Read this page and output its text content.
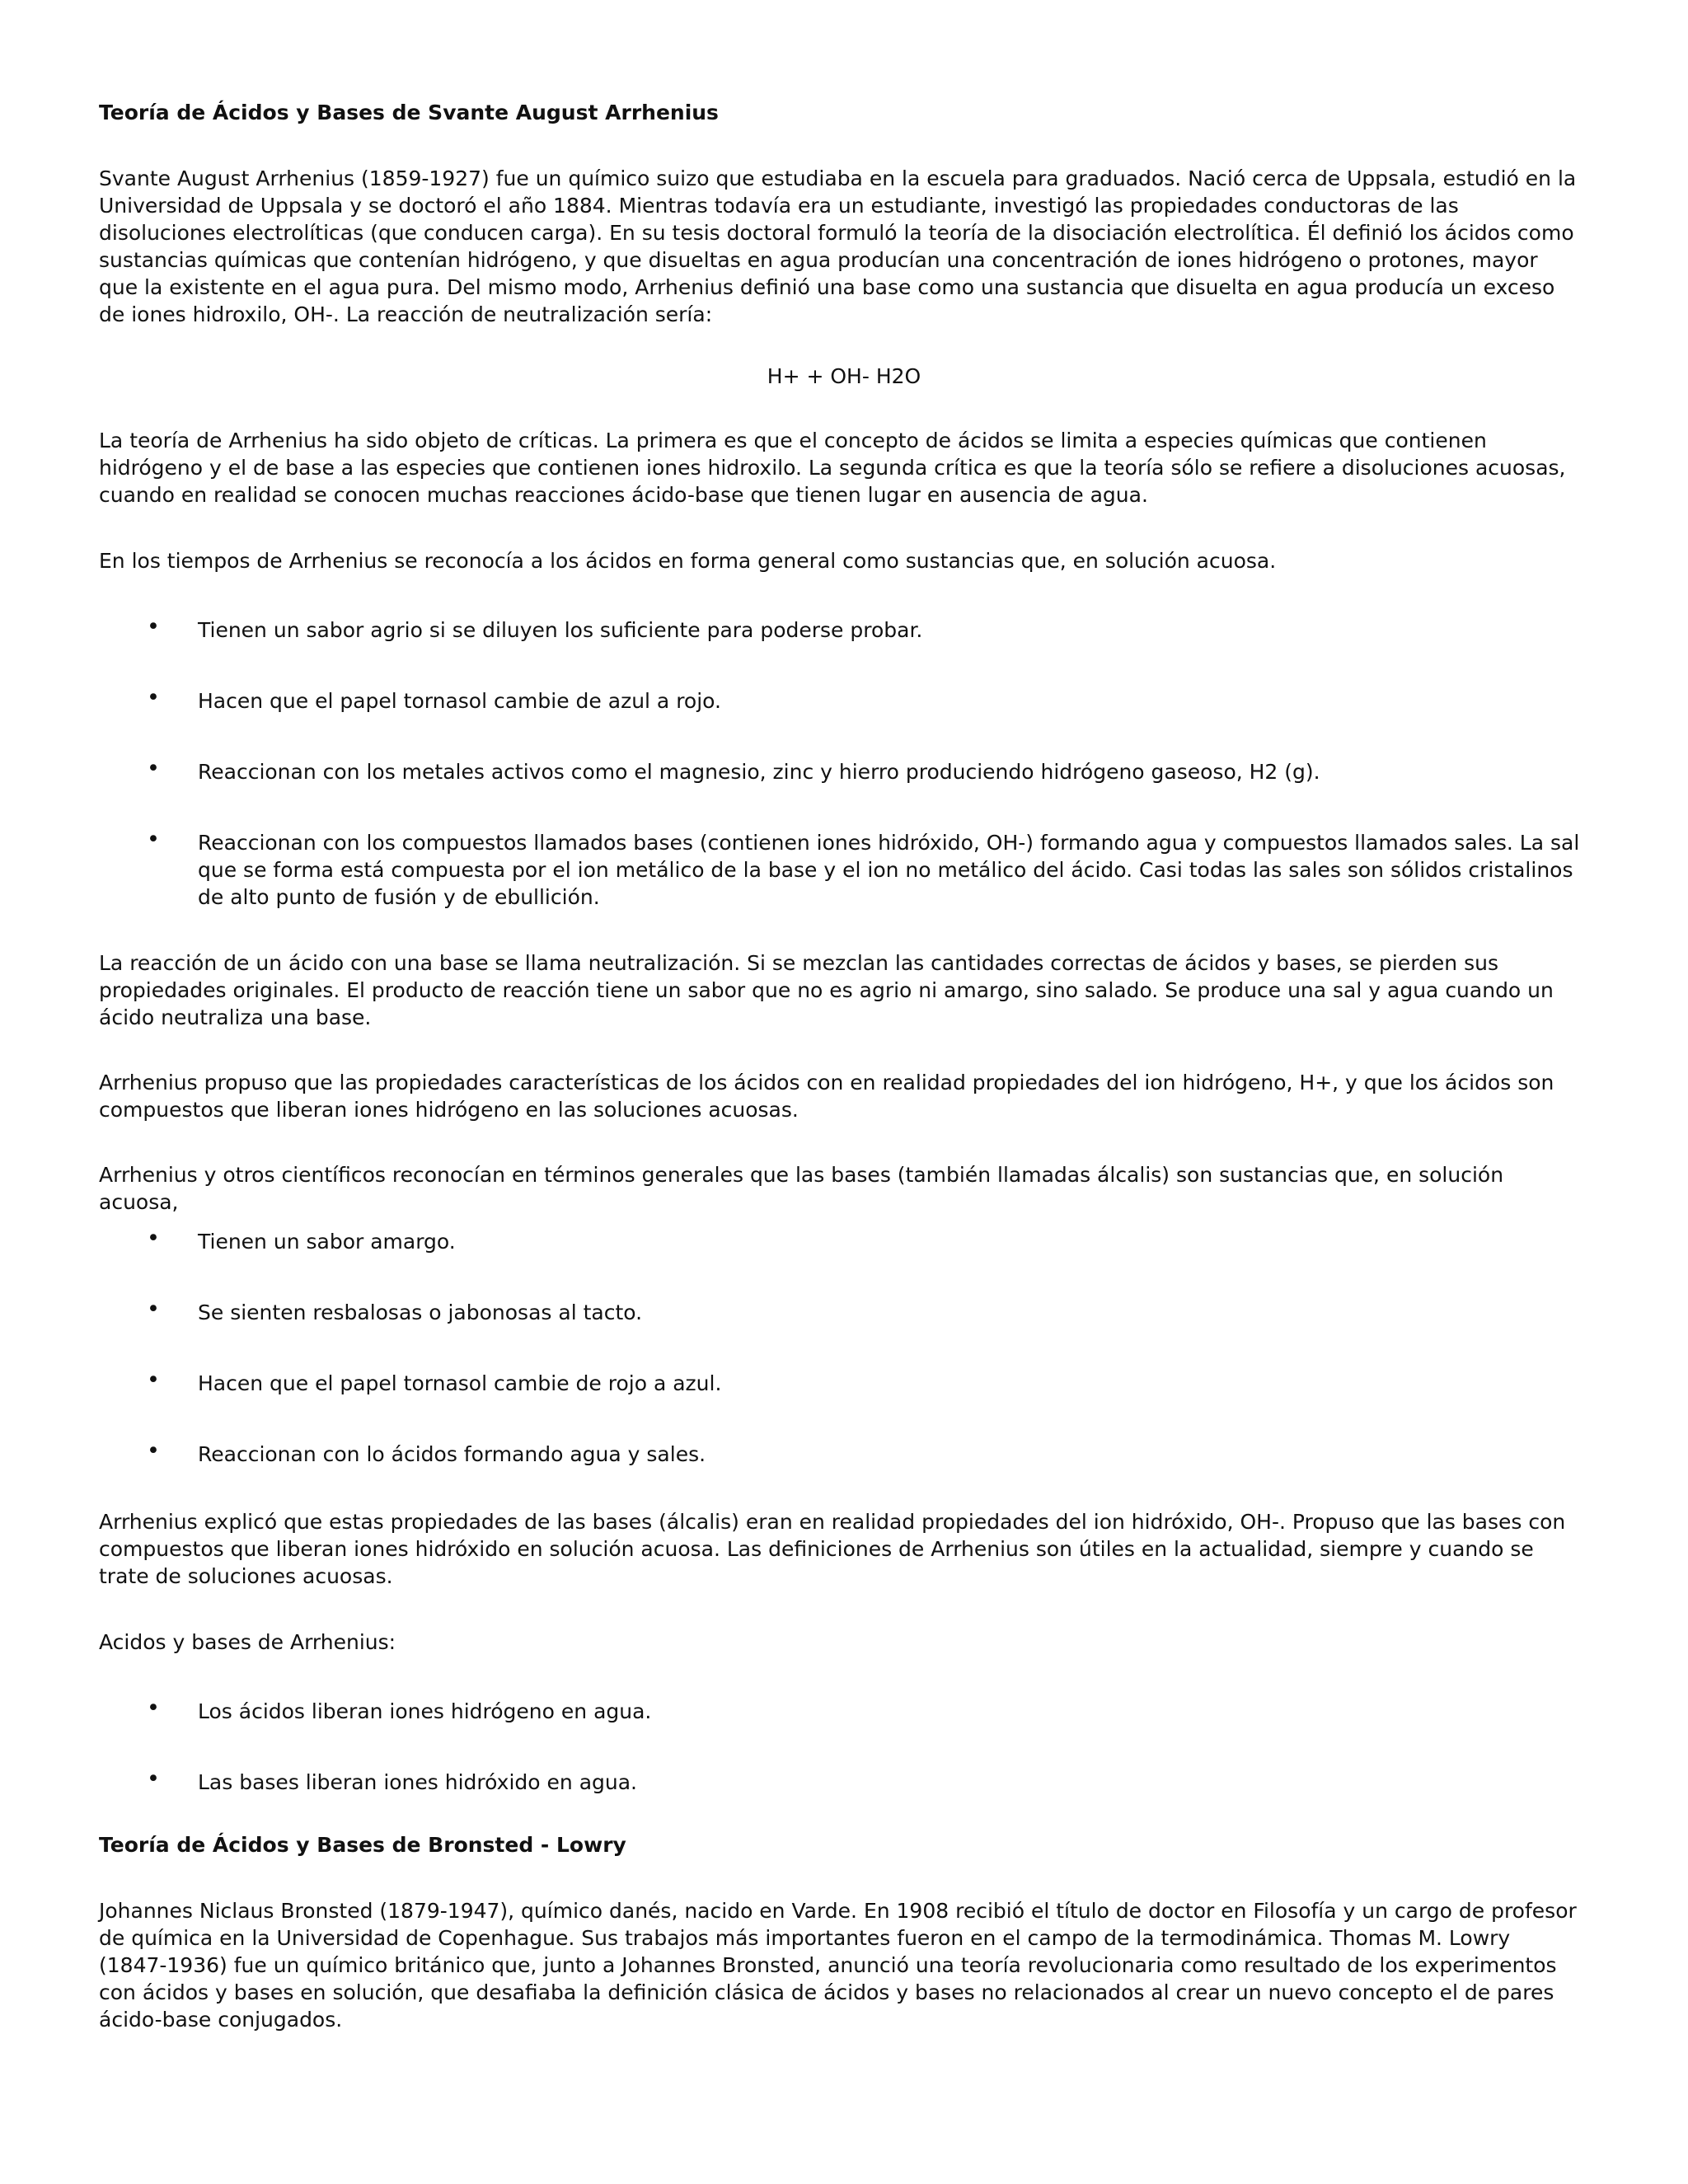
Teoría de Ácidos y Bases de Svante August Arrhenius

Svante August Arrhenius (1859-1927) fue un químico suizo que estudiaba en la escuela para graduados. Nació cerca de Uppsala, estudió en la Universidad de Uppsala y se doctoró el año 1884. Mientras todavía era un estudiante, investigó las propiedades conductoras de las disoluciones electrolíticas (que conducen carga). En su tesis doctoral formuló la teoría de la disociación electrolítica. Él definió los ácidos como sustancias químicas que contenían hidrógeno, y que disueltas en agua producían una concentración de iones hidrógeno o protones, mayor que la existente en el agua pura. Del mismo modo, Arrhenius definió una base como una sustancia que disuelta en agua producía un exceso de iones hidroxilo, OH-. La reacción de neutralización sería:

H+ + OH- H2O

La teoría de Arrhenius ha sido objeto de críticas. La primera es que el concepto de ácidos se limita a especies químicas que contienen hidrógeno y el de base a las especies que contienen iones hidroxilo. La segunda crítica es que la teoría sólo se refiere a disoluciones acuosas, cuando en realidad se conocen muchas reacciones ácido-base que tienen lugar en ausencia de agua.

En los tiempos de Arrhenius se reconocía a los ácidos en forma general como sustancias que, en solución acuosa.

• Tienen un sabor agrio si se diluyen los suficiente para poderse probar.

• Hacen que el papel tornasol cambie de azul a rojo.

• Reaccionan con los metales activos como el magnesio, zinc y hierro produciendo hidrógeno gaseoso, H2 (g).

• Reaccionan con los compuestos llamados bases (contienen iones hidróxido, OH-) formando agua y compuestos llamados sales. La sal que se forma está compuesta por el ion metálico de la base y el ion no metálico del ácido. Casi todas las sales son sólidos cristalinos de alto punto de fusión y de ebullición.

La reacción de un ácido con una base se llama neutralización. Si se mezclan las cantidades correctas de ácidos y bases, se pierden sus propiedades originales. El producto de reacción tiene un sabor que no es agrio ni amargo, sino salado. Se produce una sal y agua cuando un ácido neutraliza una base.

Arrhenius propuso que las propiedades características de los ácidos con en realidad propiedades del ion hidrógeno, H+, y que los ácidos son compuestos que liberan iones hidrógeno en las soluciones acuosas.

Arrhenius y otros científicos reconocían en términos generales que las bases (también llamadas álcalis) son sustancias que, en solución acuosa,

• Tienen un sabor amargo.

• Se sienten resbalosas o jabonosas al tacto.

• Hacen que el papel tornasol cambie de rojo a azul.

• Reaccionan con lo ácidos formando agua y sales.

Arrhenius explicó que estas propiedades de las bases (álcalis) eran en realidad propiedades del ion hidróxido, OH-. Propuso que las bases con compuestos que liberan iones hidróxido en solución acuosa. Las definiciones de Arrhenius son útiles en la actualidad, siempre y cuando se trate de soluciones acuosas.

Acidos y bases de Arrhenius:

• Los ácidos liberan iones hidrógeno en agua.

• Las bases liberan iones hidróxido en agua.

Teoría de Ácidos y Bases de Bronsted - Lowry

Johannes Niclaus Bronsted (1879-1947), químico danés, nacido en Varde. En 1908 recibió el título de doctor en Filosofía y un cargo de profesor de química en la Universidad de Copenhague. Sus trabajos más importantes fueron en el campo de la termodinámica. Thomas M. Lowry (1847-1936) fue un químico británico que, junto a Johannes Bronsted, anunció una teoría revolucionaria como resultado de los experimentos con ácidos y bases en solución, que desafiaba la definición clásica de ácidos y bases no relacionados al crear un nuevo concepto el de pares ácido-base conjugados.
